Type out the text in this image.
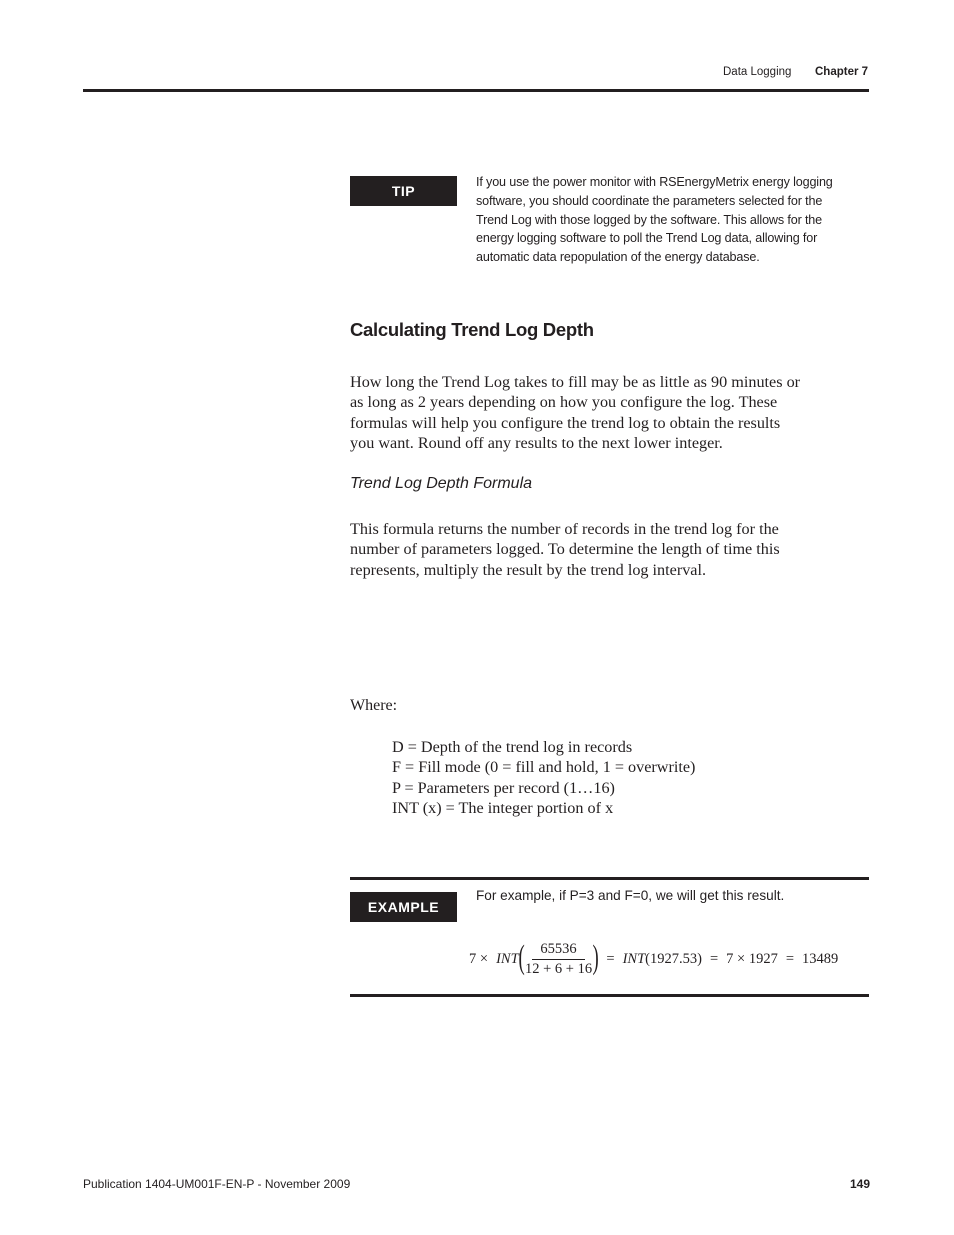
Data Logging Chapter 7
TIP
If you use the power monitor with RSEnergyMetrix energy logging
software, you should coordinate the parameters selected for the
Trend Log with those logged by the software. This allows for the
energy logging software to poll the Trend Log data, allowing for
automatic data repopulation of the energy database.
Calculating Trend Log Depth
How long the Trend Log takes to fill may be as little as 90 minutes or
as long as 2 years depending on how you configure the log. These
formulas will help you configure the trend log to obtain the results
you want. Round off any results to the next lower integer.
Trend Log Depth Formula
This formula returns the number of records in the trend log for the
number of parameters logged. To determine the length of time this
represents, multiply the result by the trend log interval.
Where:
D = Depth of the trend log in records
F = Fill mode (0 = fill and hold, 1 = overwrite)
P = Parameters per record (1…16)
INT (x) = The integer portion of x
EXAMPLE
For example, if P=3 and F=0, we will get this result.
7 × INT ( $\frac{65536}{12 + 6 + 16}$ ) = INT (1927.53) = 7 × 1927 = 13489
Publication 1404-UM001F-EN-P - November 2009	149
